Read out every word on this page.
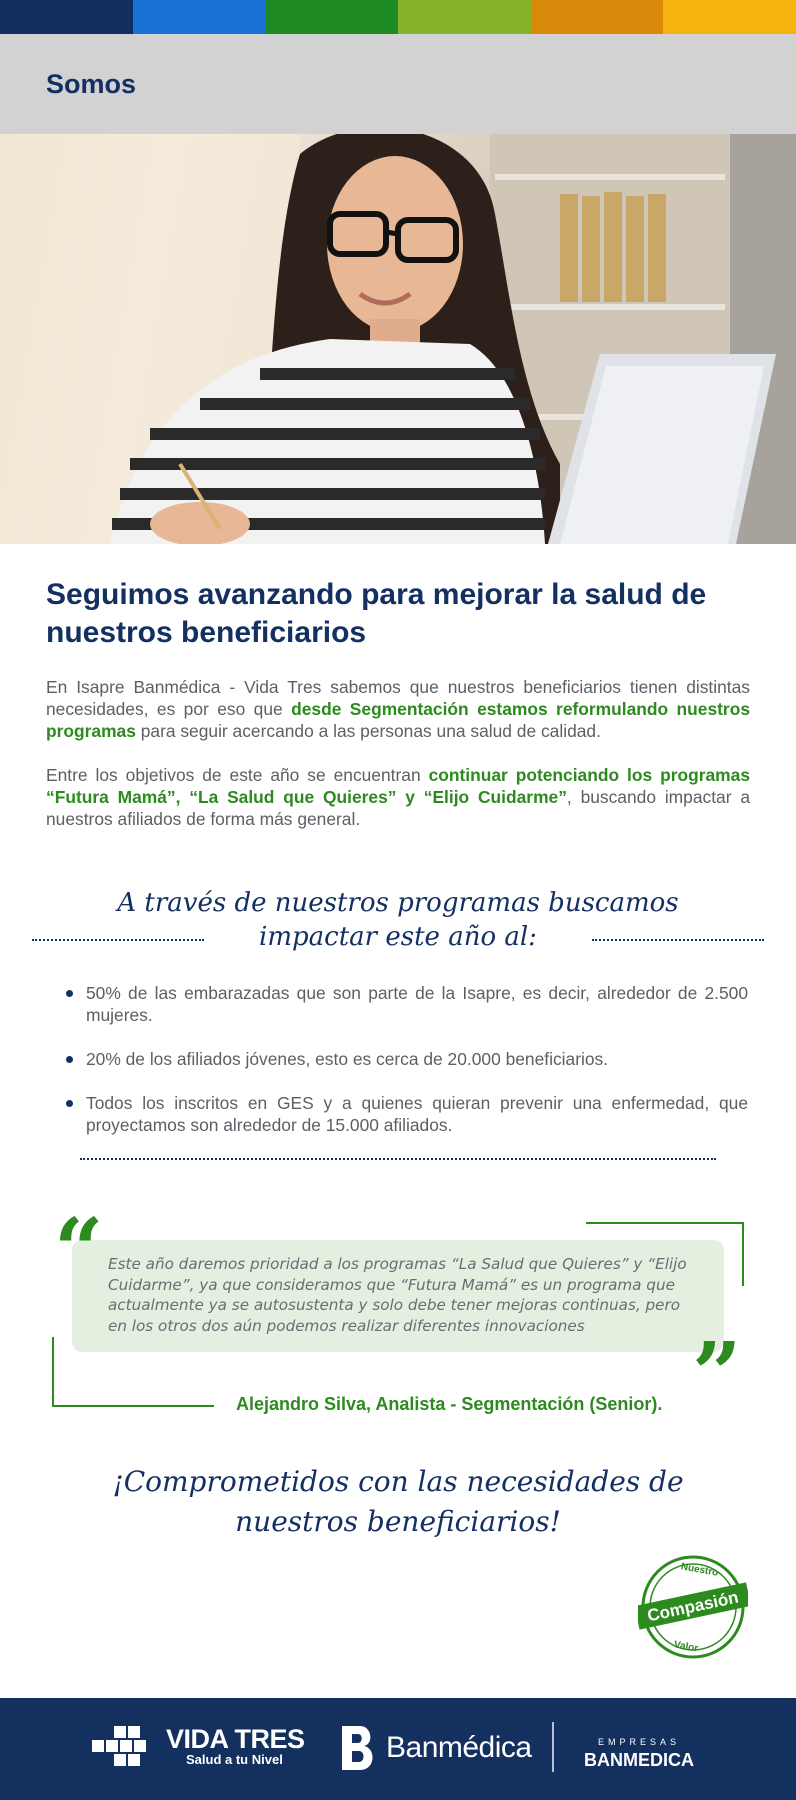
Somos
Seguimos avanzando para mejorar la salud de nuestros beneficiarios

En Isapre Banmédica - Vida Tres sabemos que nuestros beneficiarios tienen distintas necesidades, es por eso que desde Segmentación estamos reformulando nuestros programas para seguir acercando a las personas una salud de calidad.

Entre los objetivos de este año se encuentran continuar potenciando los programas “Futura Mamá”, “La Salud que Quieres” y “Elijo Cuidarme”, buscando impactar a nuestros afiliados de forma más general.

A través de nuestros programas buscamos
impactar este año al:
50% de las embarazadas que son parte de la Isapre, es decir, alrededor de 2.500 mujeres.
20% de los afiliados jóvenes, esto es cerca de 20.000 beneficiarios.
Todos los inscritos en GES y a quienes quieran prevenir una enfermedad, que proyectamos son alrededor de 15.000 afiliados.
Este año daremos prioridad a los programas “La Salud que Quieres” y “Elijo Cuidarme”, ya que consideramos que “Futura Mamá” es un programa que actualmente ya se autosustenta y solo debe tener mejoras continuas, pero en los otros dos aún podemos realizar diferentes innovaciones
“
”
Alejandro Silva, Analista - Segmentación (Senior).
¡Comprometidos con las necesidades de
nuestros beneficiarios!
Nuestro
Compasión
Valor
VIDA TRES
Salud a tu Nivel	Banmédica	EMPRESAS
BANMEDICA
